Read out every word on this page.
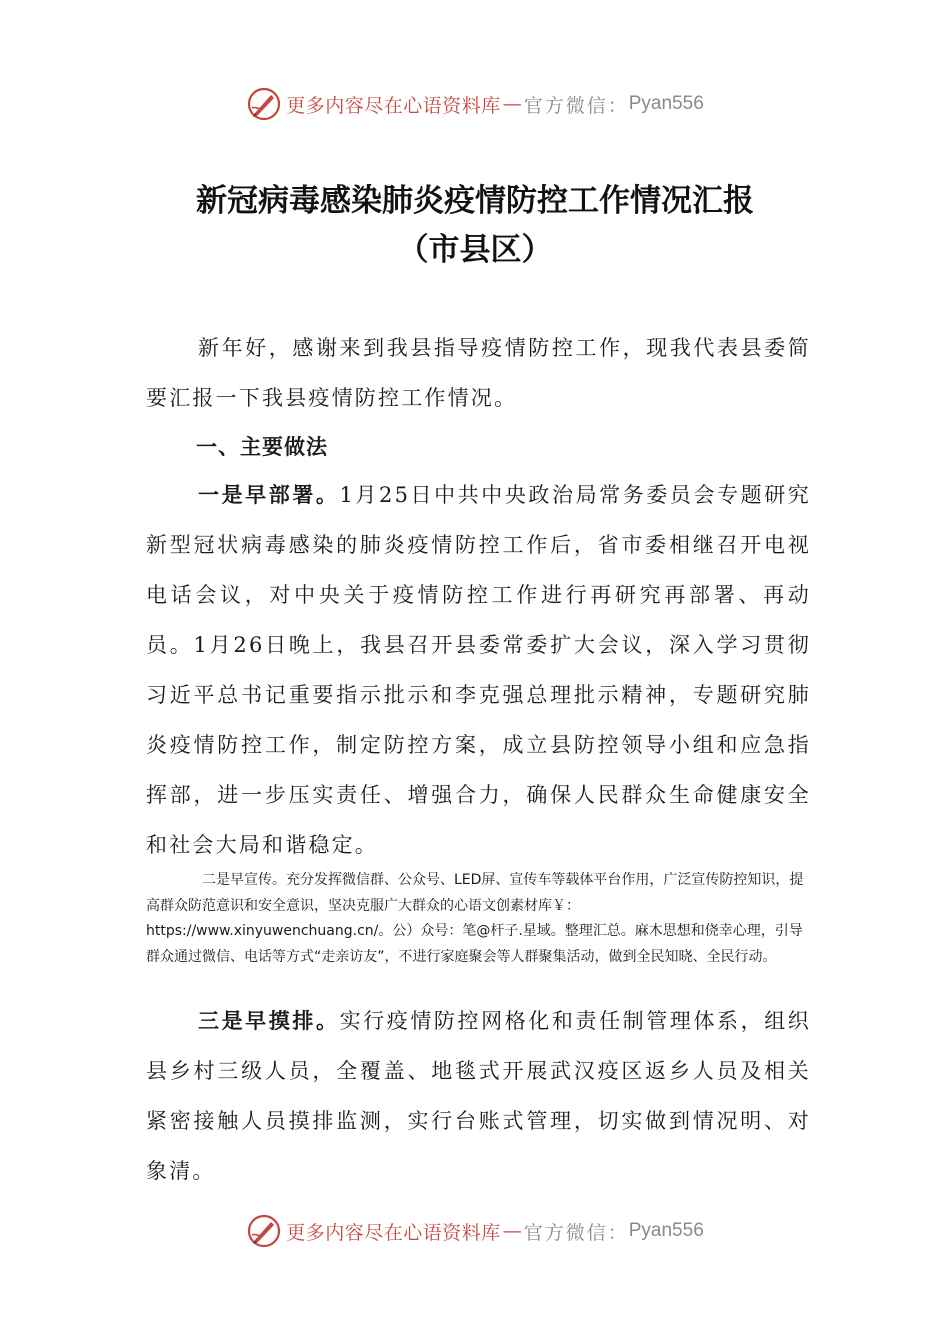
更多内容尽在心语资料库 — 官方微信： Pyan556
新冠病毒感染肺炎疫情防控工作情况汇报
（市县区）

新年好，感谢来到我县指导疫情防控工作，现我代表县委简要汇报一下我县疫情防控工作情况。

一、主要做法

一是早部署。1月25日中共中央政治局常务委员会专题研究新型冠状病毒感染的肺炎疫情防控工作后，省市委相继召开电视电话会议，对中央关于疫情防控工作进行再研究再部署、再动员。1月26日晚上，我县召开县委常委扩大会议，深入学习贯彻习近平总书记重要指示批示和李克强总理批示精神，专题研究肺炎疫情防控工作，制定防控方案，成立县防控领导小组和应急指挥部，进一步压实责任、增强合力，确保人民群众生命健康安全和社会大局和谐稳定。

二是早宣传。充分发挥微信群、公众号、LED屏、宣传车等载体平台作用，广泛宣传防控知识，提高群众防范意识和安全意识，坚决克服广大群众的心语文创素材库￥：https://www.xinyuwenchuang.cn/。公）众号：笔@杆子.星域。整理汇总。麻木思想和侥幸心理，引导群众通过微信、电话等方式“走亲访友”，不进行家庭聚会等人群聚集活动，做到全民知晓、全民行动。

三是早摸排。实行疫情防控网格化和责任制管理体系，组织县乡村三级人员，全覆盖、地毯式开展武汉疫区返乡人员及相关紧密接触人员摸排监测，实行台账式管理，切实做到情况明、对象清。

更多内容尽在心语资料库 — 官方微信： Pyan556
